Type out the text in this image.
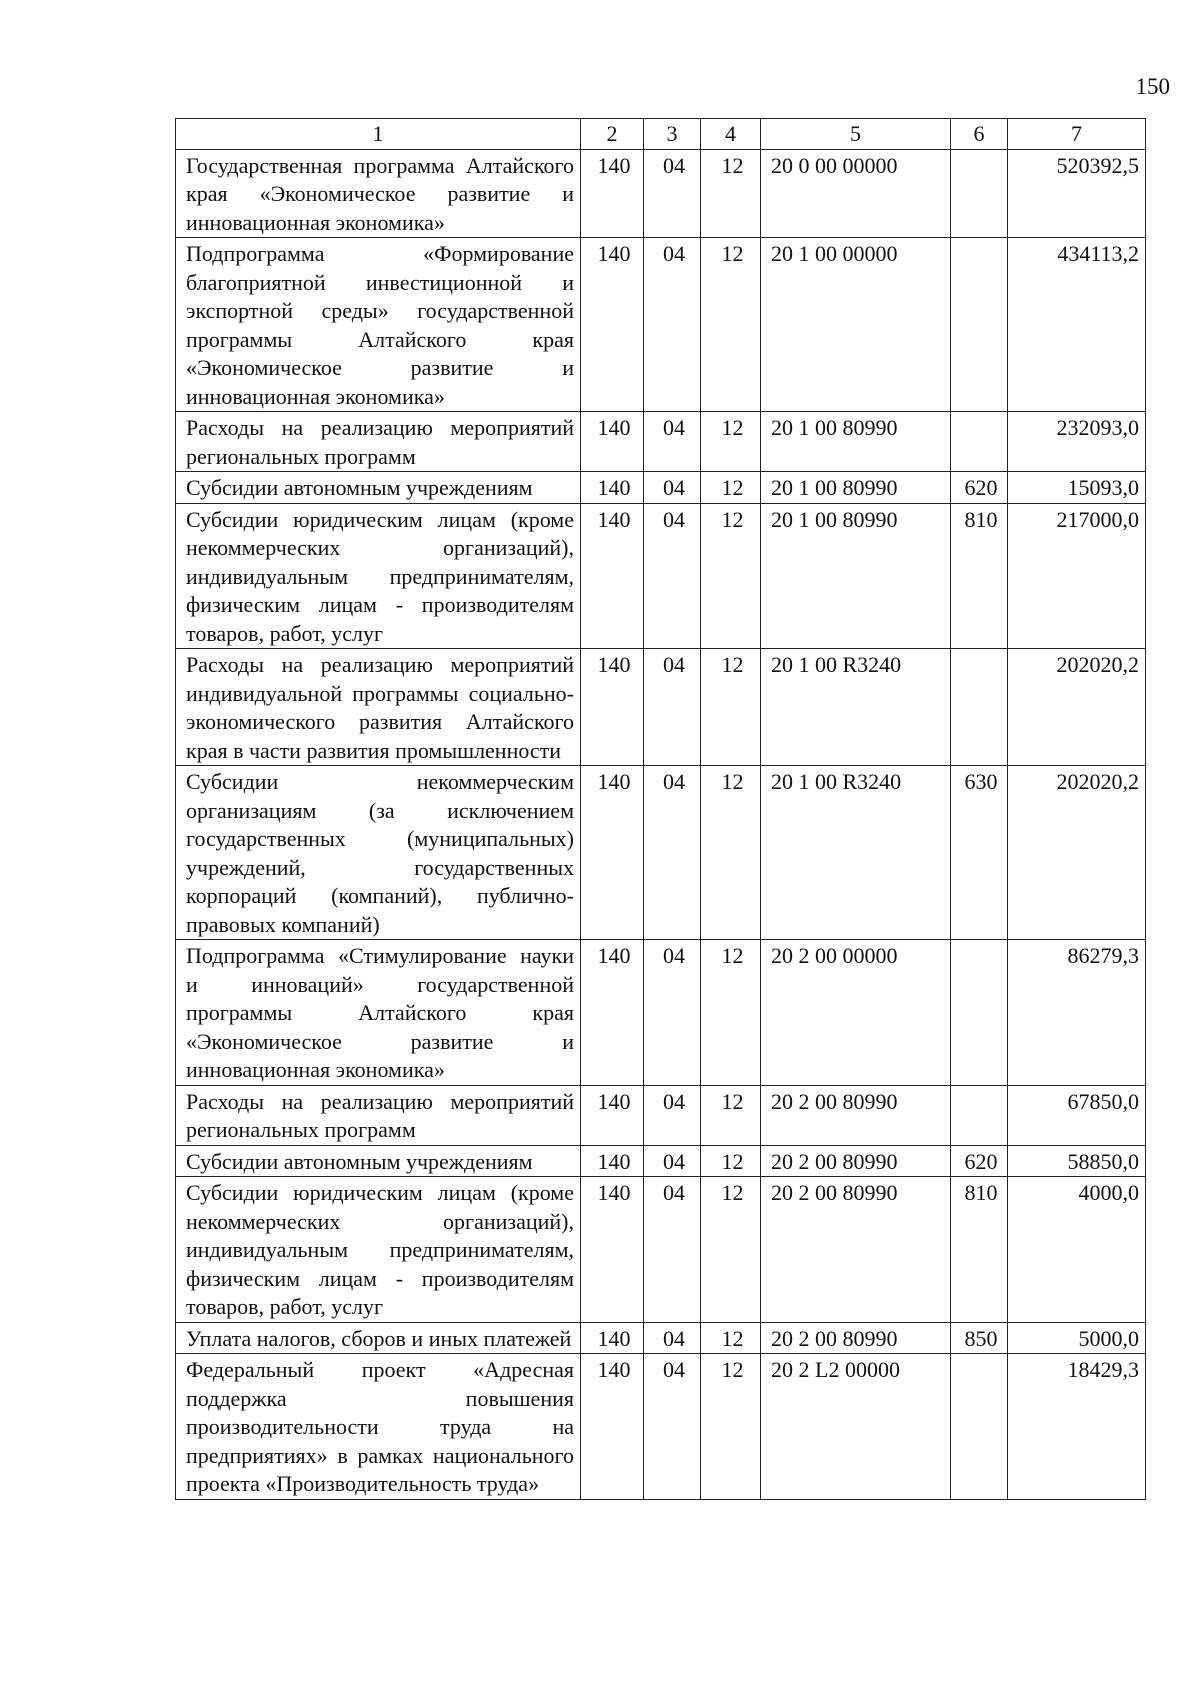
150
1	2	3	4	5	6	7
Государственная программа Алтайского края «Экономическое развитие и инновационная экономика»	140	04	12	20 0 00 00000		520392,5
Подпрограмма «Формирование благоприятной инвестиционной и экспортной среды» государственной программы Алтайского края «Экономическое развитие и инновационная экономика»	140	04	12	20 1 00 00000		434113,2
Расходы на реализацию мероприятий региональных программ	140	04	12	20 1 00 80990		232093,0
Субсидии автономным учреждениям	140	04	12	20 1 00 80990	620	15093,0
Субсидии юридическим лицам (кроме некоммерческих организаций), индивидуальным предпринимателям, физическим лицам - производителям товаров, работ, услуг	140	04	12	20 1 00 80990	810	217000,0
Расходы на реализацию мероприятий индивидуальной программы социально-экономического развития Алтайского края в части развития промышленности	140	04	12	20 1 00 R3240		202020,2
Субсидии некоммерческим организациям (за исключением государственных (муниципальных) учреждений, государственных корпораций (компаний), публично-правовых компаний)	140	04	12	20 1 00 R3240	630	202020,2
Подпрограмма «Стимулирование науки и инноваций» государственной программы Алтайского края «Экономическое развитие и инновационная экономика»	140	04	12	20 2 00 00000		86279,3
Расходы на реализацию мероприятий региональных программ	140	04	12	20 2 00 80990		67850,0
Субсидии автономным учреждениям	140	04	12	20 2 00 80990	620	58850,0
Субсидии юридическим лицам (кроме некоммерческих организаций), индивидуальным предпринимателям, физическим лицам - производителям товаров, работ, услуг	140	04	12	20 2 00 80990	810	4000,0
Уплата налогов, сборов и иных платежей	140	04	12	20 2 00 80990	850	5000,0
Федеральный проект «Адресная поддержка повышения производительности труда на предприятиях» в рамках национального проекта «Производительность труда»	140	04	12	20 2 L2 00000		18429,3
